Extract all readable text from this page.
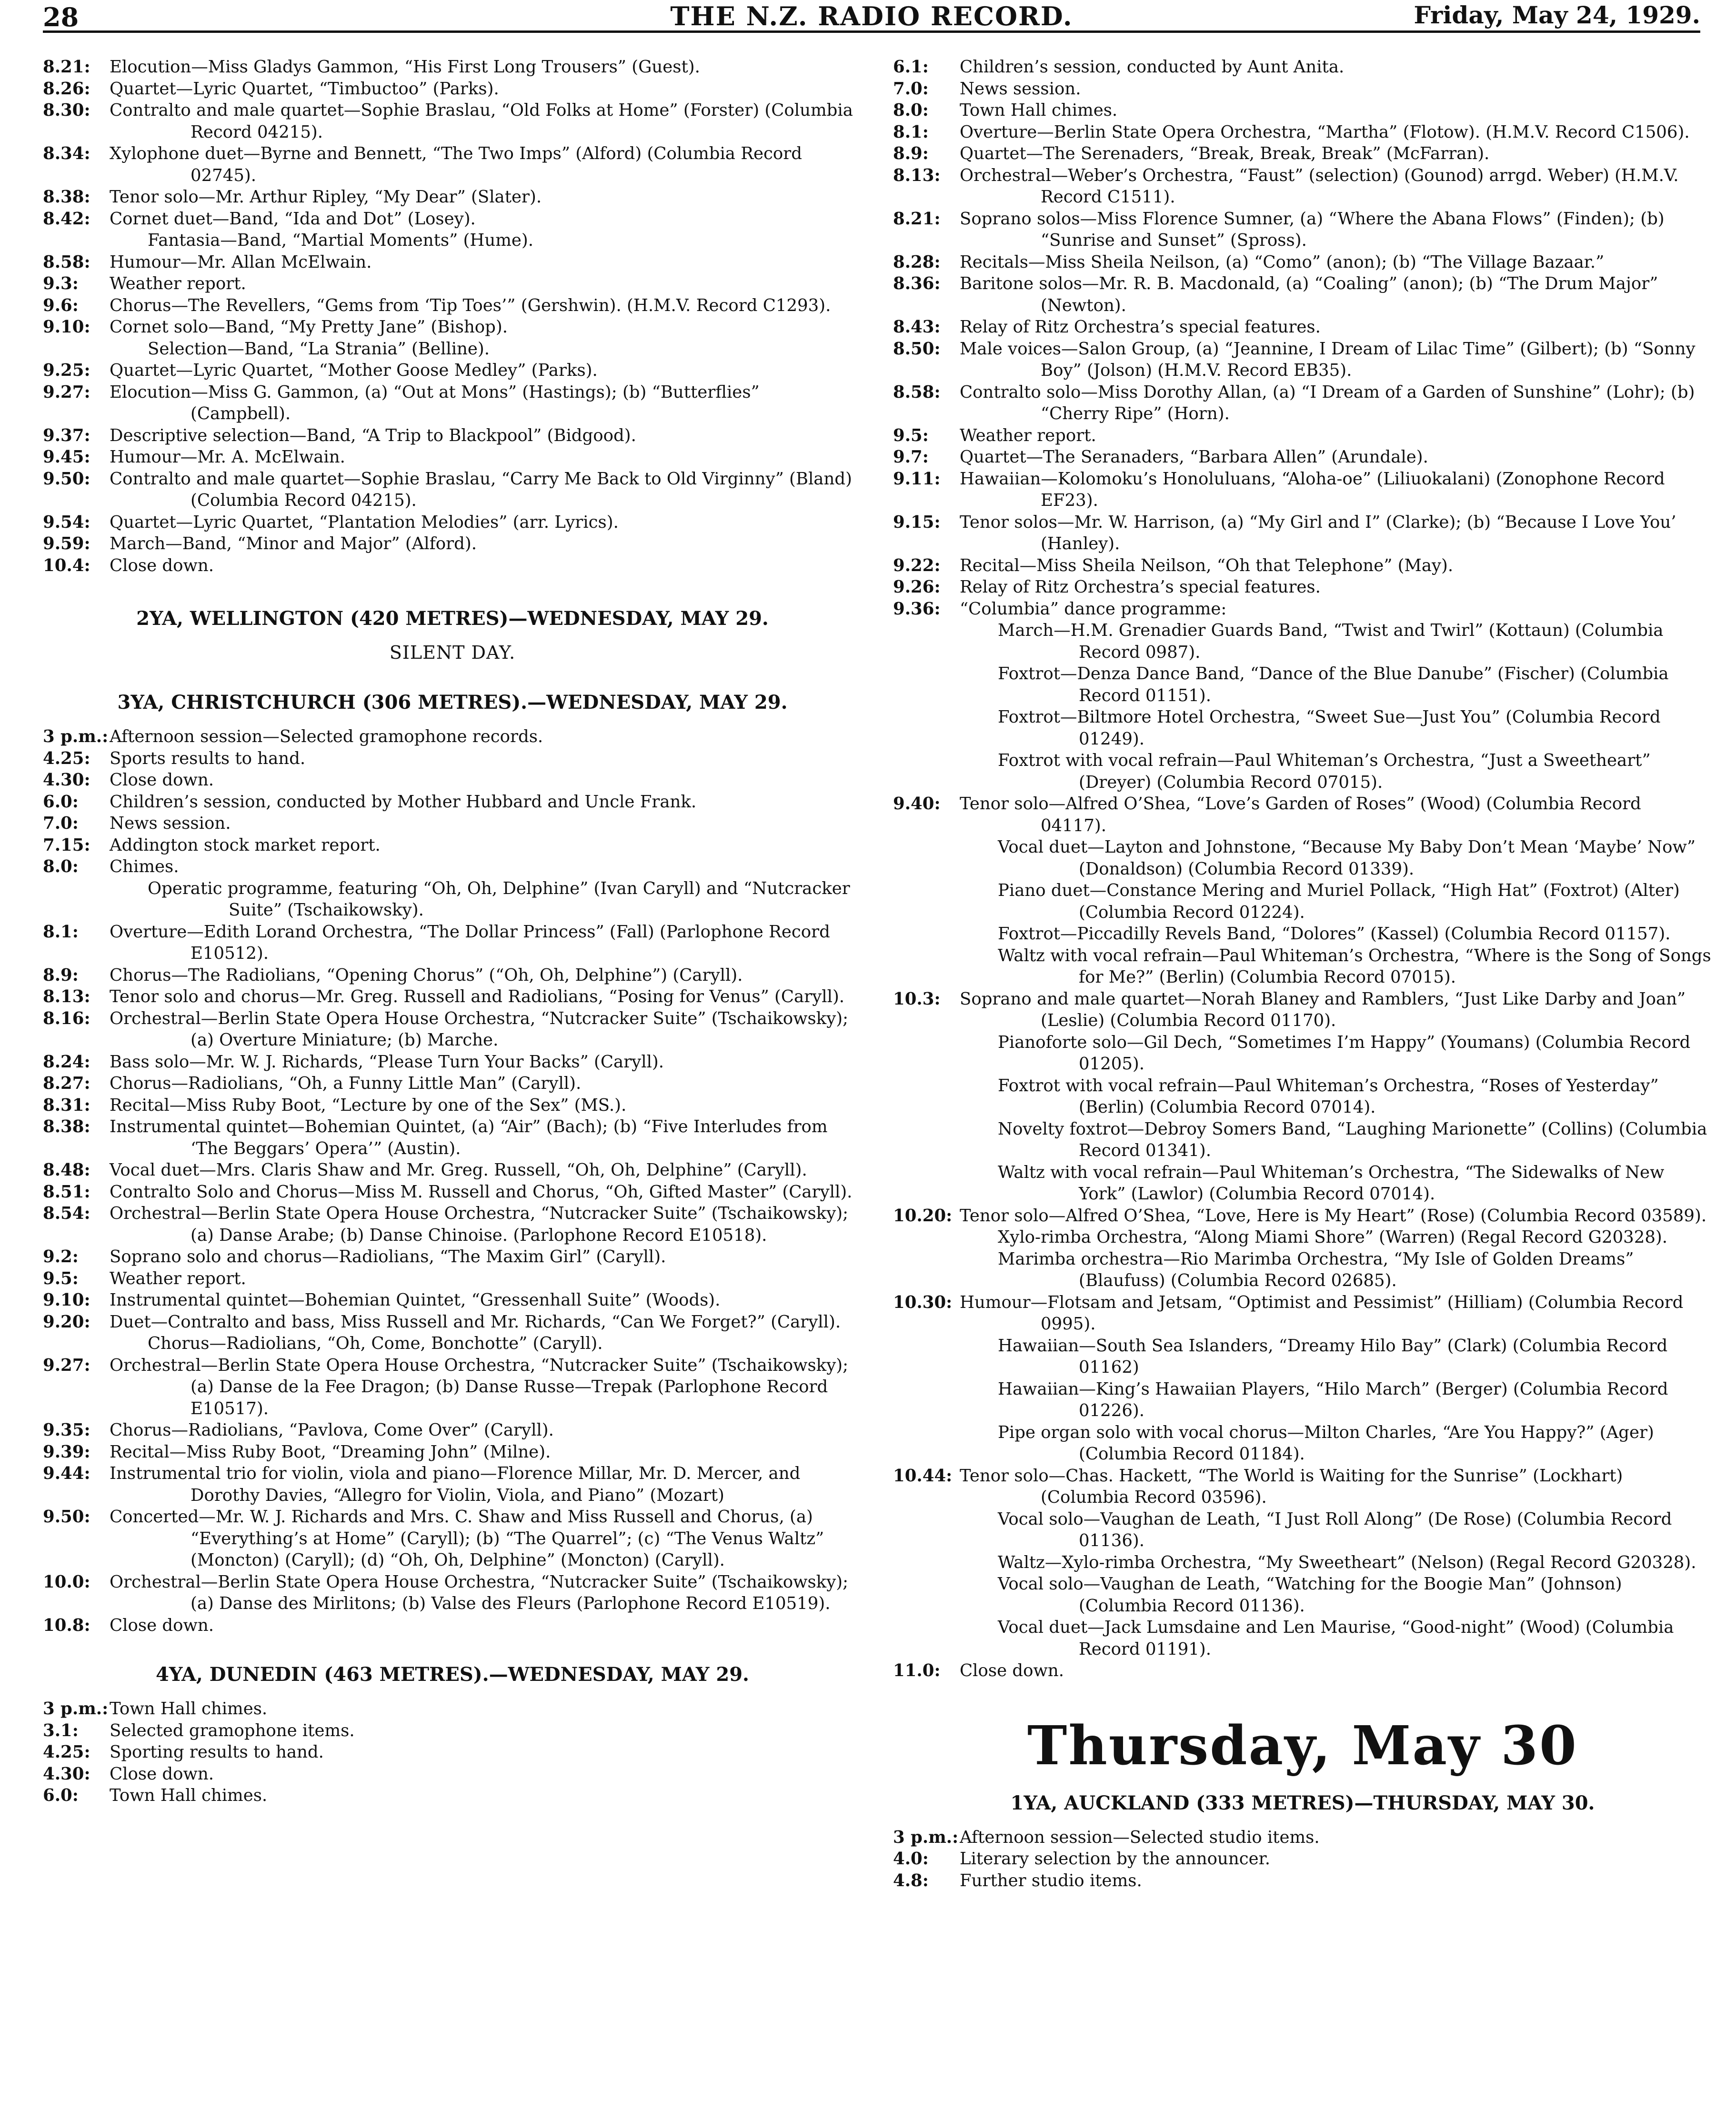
28	THE N.Z. RADIO RECORD.	Friday, May 24, 1929.
8.21: Elocution—Miss Gladys Gammon, “His First Long Trousers” (Guest).
8.26: Quartet—Lyric Quartet, “Timbuctoo” (Parks).
8.30: Contralto and male quartet—Sophie Braslau, “Old Folks at Home” (Forster) (Columbia Record 04215).
8.34: Xylophone duet—Byrne and Bennett, “The Two Imps” (Alford) (Columbia Record 02745).
8.38: Tenor solo—Mr. Arthur Ripley, “My Dear” (Slater).
8.42: Cornet duet—Band, “Ida and Dot” (Losey).
Fantasia—Band, “Martial Moments” (Hume).
8.58: Humour—Mr. Allan McElwain.
9.3: Weather report.
9.6: Chorus—The Revellers, “Gems from ‘Tip Toes’” (Gershwin). (H.M.V. Record C1293).
9.10: Cornet solo—Band, “My Pretty Jane” (Bishop).
Selection—Band, “La Strania” (Belline).
9.25: Quartet—Lyric Quartet, “Mother Goose Medley” (Parks).
9.27: Elocution—Miss G. Gammon, (a) “Out at Mons” (Hastings); (b) “Butterflies” (Campbell).
9.37: Descriptive selection—Band, “A Trip to Blackpool” (Bidgood).
9.45: Humour—Mr. A. McElwain.
9.50: Contralto and male quartet—Sophie Braslau, “Carry Me Back to Old Virginny” (Bland) (Columbia Record 04215).
9.54: Quartet—Lyric Quartet, “Plantation Melodies” (arr. Lyrics).
9.59: March—Band, “Minor and Major” (Alford).
10.4: Close down.
2YA, WELLINGTON (420 METRES)—WEDNESDAY, MAY 29.
SILENT DAY.
3YA, CHRISTCHURCH (306 METRES).—WEDNESDAY, MAY 29.
3 p.m.: Afternoon session—Selected gramophone records.
4.25: Sports results to hand.
4.30: Close down.
6.0: Children’s session, conducted by Mother Hubbard and Uncle Frank.
7.0: News session.
7.15: Addington stock market report.
8.0: Chimes.
Operatic programme, featuring “Oh, Oh, Delphine” (Ivan Caryll) and “Nutcracker Suite” (Tschaikowsky).
8.1: Overture—Edith Lorand Orchestra, “The Dollar Princess” (Fall) (Parlophone Record E10512).
8.9: Chorus—The Radiolians, “Opening Chorus” (“Oh, Oh, Delphine”) (Caryll).
8.13: Tenor solo and chorus—Mr. Greg. Russell and Radiolians, “Posing for Venus” (Caryll).
8.16: Orchestral—Berlin State Opera House Orchestra, “Nutcracker Suite” (Tschaikowsky); (a) Overture Miniature; (b) Marche.
8.24: Bass solo—Mr. W. J. Richards, “Please Turn Your Backs” (Caryll).
8.27: Chorus—Radiolians, “Oh, a Funny Little Man” (Caryll).
8.31: Recital—Miss Ruby Boot, “Lecture by one of the Sex” (MS.).
8.38: Instrumental quintet—Bohemian Quintet, (a) “Air” (Bach); (b) “Five Interludes from ‘The Beggars’ Opera’” (Austin).
8.48: Vocal duet—Mrs. Claris Shaw and Mr. Greg. Russell, “Oh, Oh, Delphine” (Caryll).
8.51: Contralto Solo and Chorus—Miss M. Russell and Chorus, “Oh, Gifted Master” (Caryll).
8.54: Orchestral—Berlin State Opera House Orchestra, “Nutcracker Suite” (Tschaikowsky); (a) Danse Arabe; (b) Danse Chinoise. (Parlophone Record E10518).
9.2: Soprano solo and chorus—Radiolians, “The Maxim Girl” (Caryll).
9.5: Weather report.
9.10: Instrumental quintet—Bohemian Quintet, “Gressenhall Suite” (Woods).
9.20: Duet—Contralto and bass, Miss Russell and Mr. Richards, “Can We Forget?” (Caryll).
Chorus—Radiolians, “Oh, Come, Bonchotte” (Caryll).
9.27: Orchestral—Berlin State Opera House Orchestra, “Nutcracker Suite” (Tschaikowsky); (a) Danse de la Fee Dragon; (b) Danse Russe—Trepak (Parlophone Record E10517).
9.35: Chorus—Radiolians, “Pavlova, Come Over” (Caryll).
9.39: Recital—Miss Ruby Boot, “Dreaming John” (Milne).
9.44: Instrumental trio for violin, viola and piano—Florence Millar, Mr. D. Mercer, and Dorothy Davies, “Allegro for Violin, Viola, and Piano” (Mozart)
9.50: Concerted—Mr. W. J. Richards and Mrs. C. Shaw and Miss Russell and Chorus, (a) “Everything’s at Home” (Caryll); (b) “The Quarrel”; (c) “The Venus Waltz” (Moncton) (Caryll); (d) “Oh, Oh, Delphine” (Moncton) (Caryll).
10.0: Orchestral—Berlin State Opera House Orchestra, “Nutcracker Suite” (Tschaikowsky); (a) Danse des Mirlitons; (b) Valse des Fleurs (Parlophone Record E10519).
10.8: Close down.
4YA, DUNEDIN (463 METRES).—WEDNESDAY, MAY 29.
3 p.m.: Town Hall chimes.
3.1: Selected gramophone items.
4.25: Sporting results to hand.
4.30: Close down.
6.0: Town Hall chimes.
6.1: Children’s session, conducted by Aunt Anita.
7.0: News session.
8.0: Town Hall chimes.
8.1: Overture—Berlin State Opera Orchestra, “Martha” (Flotow). (H.M.V. Record C1506).
8.9: Quartet—The Serenaders, “Break, Break, Break” (McFarran).
8.13: Orchestral—Weber’s Orchestra, “Faust” (selection) (Gounod) arrgd. Weber) (H.M.V. Record C1511).
8.21: Soprano solos—Miss Florence Sumner, (a) “Where the Abana Flows” (Finden); (b) “Sunrise and Sunset” (Spross).
8.28: Recitals—Miss Sheila Neilson, (a) “Como” (anon); (b) “The Village Bazaar.”
8.36: Baritone solos—Mr. R. B. Macdonald, (a) “Coaling” (anon); (b) “The Drum Major” (Newton).
8.43: Relay of Ritz Orchestra’s special features.
8.50: Male voices—Salon Group, (a) “Jeannine, I Dream of Lilac Time” (Gilbert); (b) “Sonny Boy” (Jolson) (H.M.V. Record EB35).
8.58: Contralto solo—Miss Dorothy Allan, (a) “I Dream of a Garden of Sunshine” (Lohr); (b) “Cherry Ripe” (Horn).
9.5: Weather report.
9.7: Quartet—The Seranaders, “Barbara Allen” (Arundale).
9.11: Hawaiian—Kolomoku’s Honoluluans, “Aloha-oe” (Liliuokalani) (Zonophone Record EF23).
9.15: Tenor solos—Mr. W. Harrison, (a) “My Girl and I” (Clarke); (b) “Because I Love You’ (Hanley).
9.22: Recital—Miss Sheila Neilson, “Oh that Telephone” (May).
9.26: Relay of Ritz Orchestra’s special features.
9.36: “Columbia” dance programme:
March—H.M. Grenadier Guards Band, “Twist and Twirl” (Kottaun) (Columbia Record 0987).
Foxtrot—Denza Dance Band, “Dance of the Blue Danube” (Fischer) (Columbia Record 01151).
Foxtrot—Biltmore Hotel Orchestra, “Sweet Sue—Just You” (Columbia Record 01249).
Foxtrot with vocal refrain—Paul Whiteman’s Orchestra, “Just a Sweetheart” (Dreyer) (Columbia Record 07015).
9.40: Tenor solo—Alfred O’Shea, “Love’s Garden of Roses” (Wood) (Columbia Record 04117).
Vocal duet—Layton and Johnstone, “Because My Baby Don’t Mean ‘Maybe’ Now” (Donaldson) (Columbia Record 01339).
Piano duet—Constance Mering and Muriel Pollack, “High Hat” (Foxtrot) (Alter) (Columbia Record 01224).
Foxtrot—Piccadilly Revels Band, “Dolores” (Kassel) (Columbia Record 01157).
Waltz with vocal refrain—Paul Whiteman’s Orchestra, “Where is the Song of Songs for Me?” (Berlin) (Columbia Record 07015).
10.3: Soprano and male quartet—Norah Blaney and Ramblers, “Just Like Darby and Joan” (Leslie) (Columbia Record 01170).
Pianoforte solo—Gil Dech, “Sometimes I’m Happy” (Youmans) (Columbia Record 01205).
Foxtrot with vocal refrain—Paul Whiteman’s Orchestra, “Roses of Yesterday” (Berlin) (Columbia Record 07014).
Novelty foxtrot—Debroy Somers Band, “Laughing Marionette” (Collins) (Columbia Record 01341).
Waltz with vocal refrain—Paul Whiteman’s Orchestra, “The Sidewalks of New York” (Lawlor) (Columbia Record 07014).
10.20: Tenor solo—Alfred O’Shea, “Love, Here is My Heart” (Rose) (Columbia Record 03589).
Xylo-rimba Orchestra, “Along Miami Shore” (Warren) (Regal Record G20328).
Marimba orchestra—Rio Marimba Orchestra, “My Isle of Golden Dreams” (Blaufuss) (Columbia Record 02685).
10.30: Humour—Flotsam and Jetsam, “Optimist and Pessimist” (Hilliam) (Columbia Record 0995).
Hawaiian—South Sea Islanders, “Dreamy Hilo Bay” (Clark) (Columbia Record 01162)
Hawaiian—King’s Hawaiian Players, “Hilo March” (Berger) (Columbia Record 01226).
Pipe organ solo with vocal chorus—Milton Charles, “Are You Happy?” (Ager) (Columbia Record 01184).
10.44: Tenor solo—Chas. Hackett, “The World is Waiting for the Sunrise” (Lockhart) (Columbia Record 03596).
Vocal solo—Vaughan de Leath, “I Just Roll Along” (De Rose) (Columbia Record 01136).
Waltz—Xylo-rimba Orchestra, “My Sweetheart” (Nelson) (Regal Record G20328).
Vocal solo—Vaughan de Leath, “Watching for the Boogie Man” (Johnson) (Columbia Record 01136).
Vocal duet—Jack Lumsdaine and Len Maurise, “Good-night” (Wood) (Columbia Record 01191).
11.0: Close down.
Thursday, May 30
1YA, AUCKLAND (333 METRES)—THURSDAY, MAY 30.
3 p.m.: Afternoon session—Selected studio items.
4.0: Literary selection by the announcer.
4.8: Further studio items.
